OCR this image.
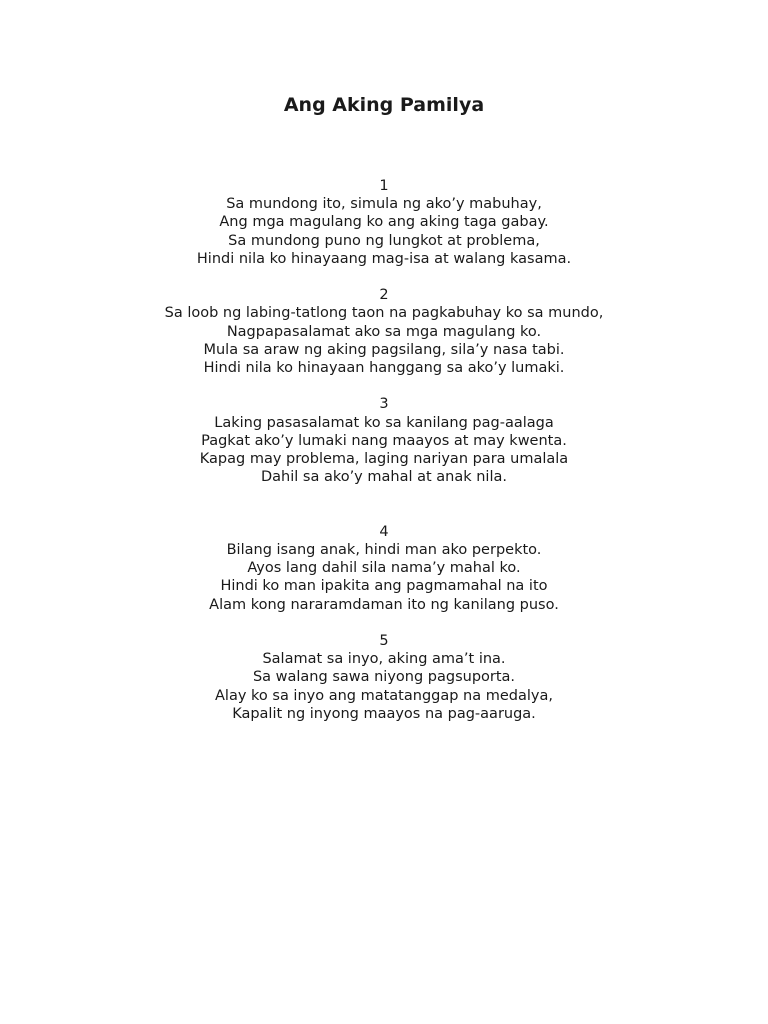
Ang Aking Pamilya
1
Sa mundong ito, simula ng ako’y mabuhay,
Ang mga magulang ko ang aking taga gabay.
Sa mundong puno ng lungkot at problema,
Hindi nila ko hinayaang mag-isa at walang kasama.
2
Sa loob ng labing-tatlong taon na pagkabuhay ko sa mundo,
Nagpapasalamat ako sa mga magulang ko.
Mula sa araw ng aking pagsilang, sila’y nasa tabi.
Hindi nila ko hinayaan hanggang sa ako’y lumaki.
3
Laking pasasalamat ko sa kanilang pag-aalaga
Pagkat ako’y lumaki nang maayos at may kwenta.
Kapag may problema, laging nariyan para umalala
Dahil sa ako’y mahal at anak nila.
4
Bilang isang anak, hindi man ako perpekto.
Ayos lang dahil sila nama’y mahal ko.
Hindi ko man ipakita ang pagmamahal na ito
Alam kong nararamdaman ito ng kanilang puso.
5
Salamat sa inyo, aking ama’t ina.
Sa walang sawa niyong pagsuporta.
Alay ko sa inyo ang matatanggap na medalya,
Kapalit ng inyong maayos na pag-aaruga.
